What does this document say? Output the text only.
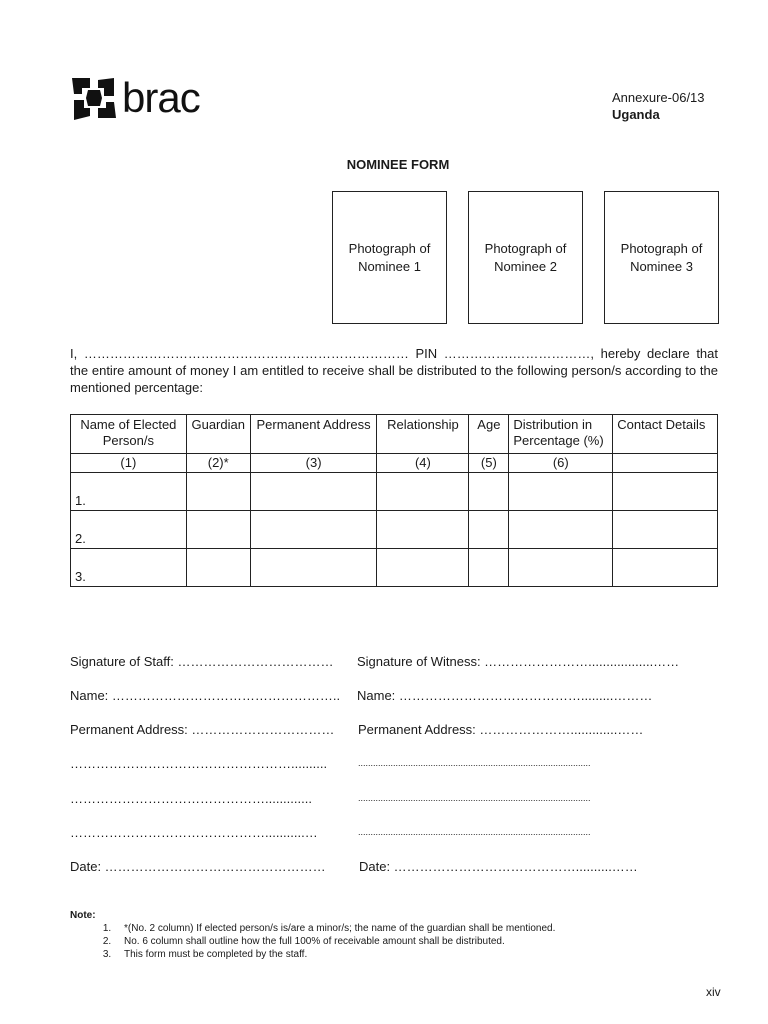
brac	Annexure-06/13
Uganda
NOMINEE FORM
Photograph of
Nominee 1
Photograph of
Nominee 2
Photograph of
Nominee 3
I, ………………………………………………………………… PIN …………….………………, hereby declare that the entire amount of money I am entitled to receive shall be distributed to the following person/s according to the mentioned percentage:
Name of Elected Person/s	Guardian	Permanent Address	Relationship	Age	Distribution in Percentage (%)	Contact Details
(1)	(2)*	(3)	(4)	(5)	(6)	
1.						
2.						
3.						
Signature of Staff: ………………………………
Name: ……………………………………………..
Permanent Address: ……………………………
……………………………………………..........
……………………………………….............
………………………………………...........…
Date: ……………………………………………
Signature of Witness: ……………………..................……
Name: …………………………………….........………
Permanent Address: ………………….............……
.............................................................................................
.............................................................................................
.............................................................................................
Date: ……………………………………..........……
Note:
1. *(No. 2 column) If elected person/s is/are a minor/s; the name of the guardian shall be mentioned.
2. No. 6 column shall outline how the full 100% of receivable amount shall be distributed.
3. This form must be completed by the staff.
xiv
